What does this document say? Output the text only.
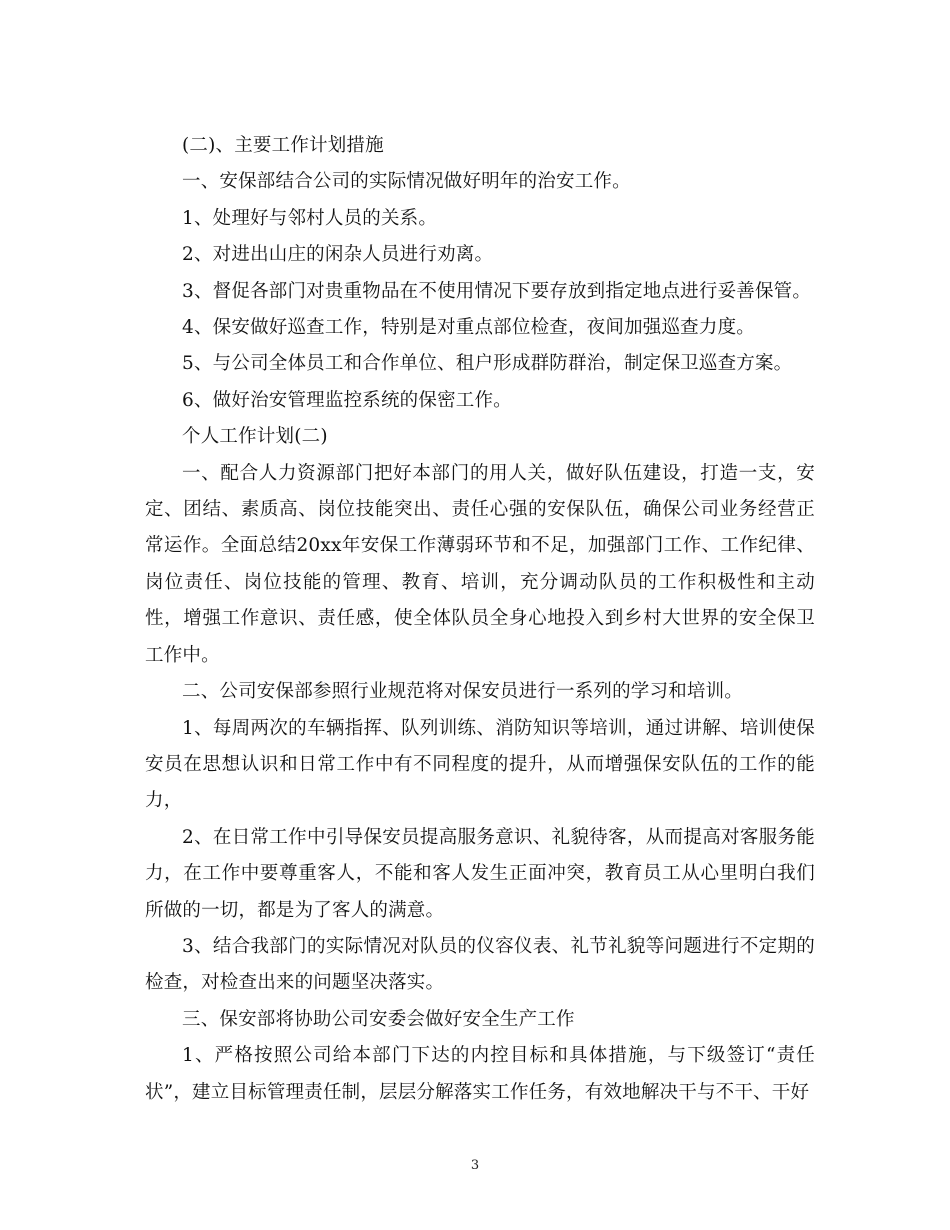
(二)、主要工作计划措施

一、安保部结合公司的实际情况做好明年的治安工作。

1、处理好与邻村人员的关系。

2、对进出山庄的闲杂人员进行劝离。

3、督促各部门对贵重物品在不使用情况下要存放到指定地点进行妥善保管。

4、保安做好巡查工作，特别是对重点部位检查，夜间加强巡查力度。

5、与公司全体员工和合作单位、租户形成群防群治，制定保卫巡查方案。

6、做好治安管理监控系统的保密工作。

个人工作计划(二)

一、配合人力资源部门把好本部门的用人关，做好队伍建设，打造一支，安定、团结、素质高、岗位技能突出、责任心强的安保队伍，确保公司业务经营正常运作。全面总结20xx年安保工作薄弱环节和不足，加强部门工作、工作纪律、岗位责任、岗位技能的管理、教育、培训，充分调动队员的工作积极性和主动性，增强工作意识、责任感，使全体队员全身心地投入到乡村大世界的安全保卫工作中。

二、公司安保部参照行业规范将对保安员进行一系列的学习和培训。

1、每周两次的车辆指挥、队列训练、消防知识等培训，通过讲解、培训使保安员在思想认识和日常工作中有不同程度的提升，从而增强保安队伍的工作的能力，

2、在日常工作中引导保安员提高服务意识、礼貌待客，从而提高对客服务能力，在工作中要尊重客人，不能和客人发生正面冲突，教育员工从心里明白我们所做的一切，都是为了客人的满意。

3、结合我部门的实际情况对队员的仪容仪表、礼节礼貌等问题进行不定期的检查，对检查出来的问题坚决落实。

三、保安部将协助公司安委会做好安全生产工作

1、严格按照公司给本部门下达的内控目标和具体措施，与下级签订“责任状”，建立目标管理责任制，层层分解落实工作任务，有效地解决干与不干、干好

3
